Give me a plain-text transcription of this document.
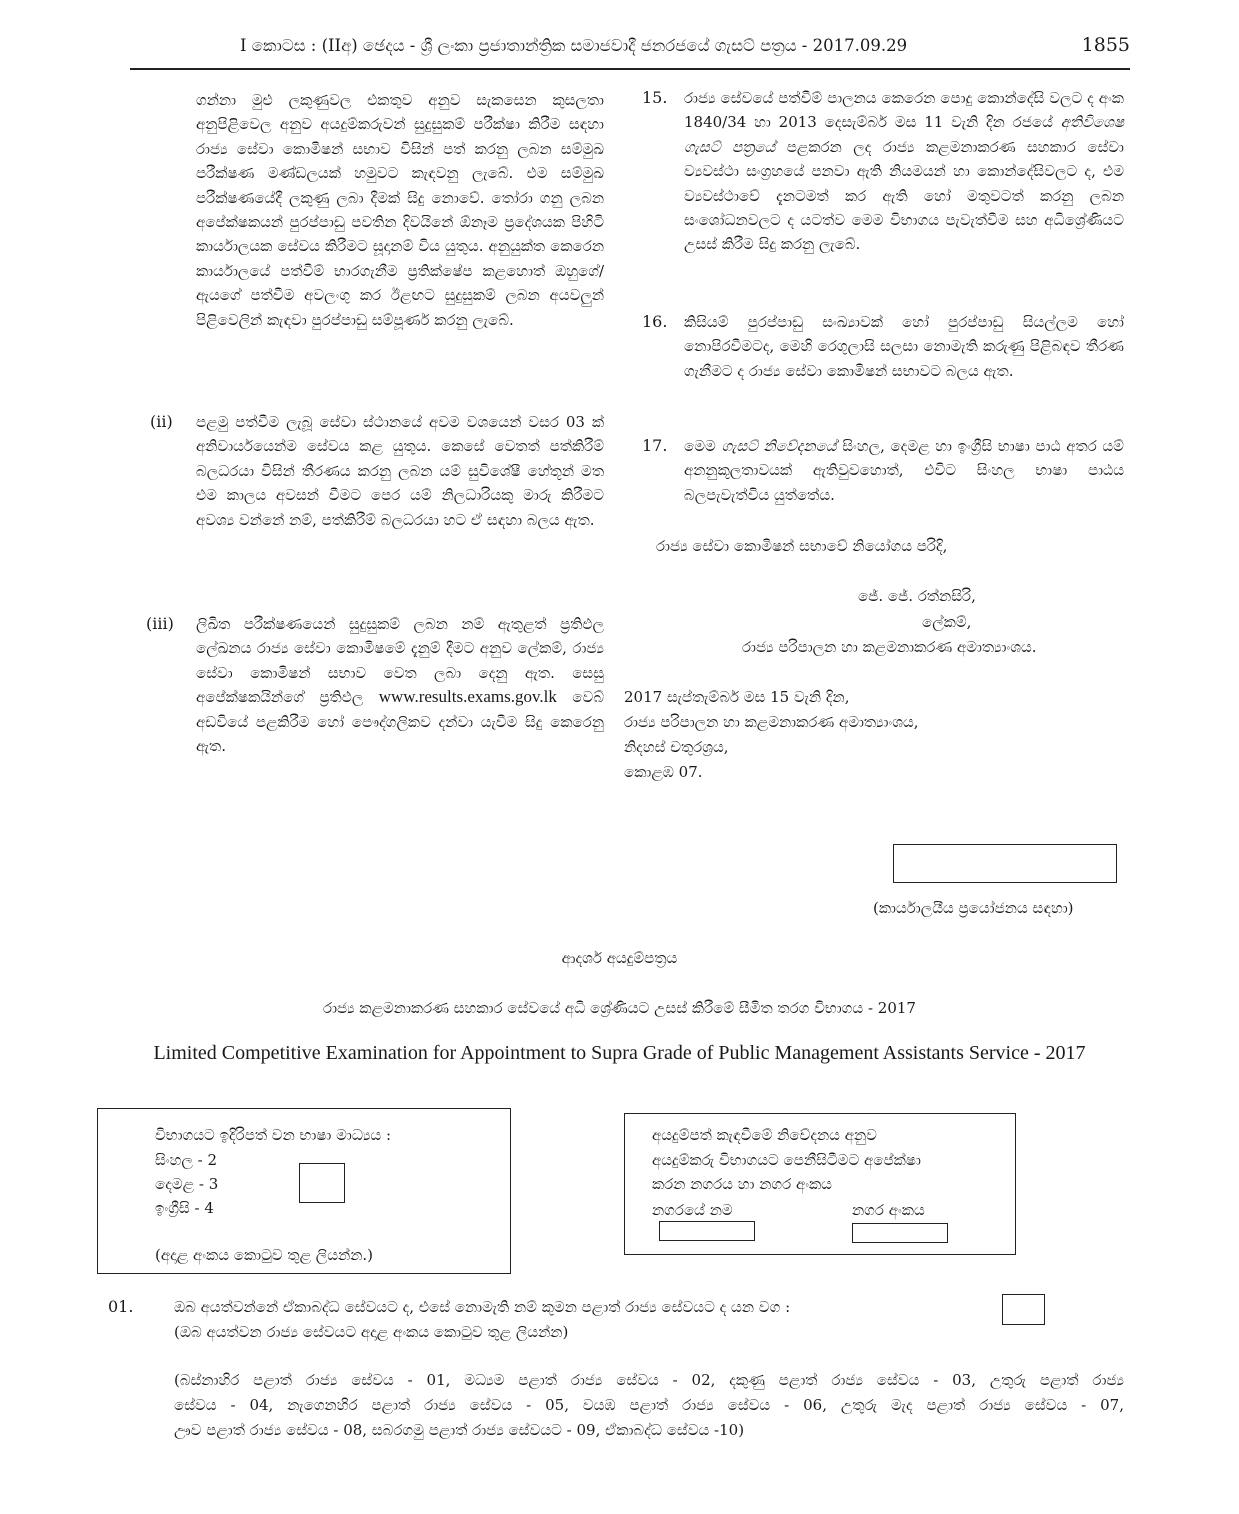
I කොටස : (IIඅ) ඡෙදය - ශ්‍රී ලංකා ප්‍රජාතාන්ත්‍රික සමාජවාදී ජනරජයේ ගැසට් පත්‍රය - 2017.09.29	1855
ගන්නා මුළු ලකුණුවල එකතුව අනුව සැකසෙන කුසලතා අනුපිළිවෙල අනුව අයදුම්කරුවන් සුදුසුකම් පරීක්ෂා කිරීම සඳහා රාජ්‍ය සේවා කොමිෂන් සභාව විසින් පත් කරනු ලබන සම්මුඛ පරීක්ෂණ මණ්ඩලයක් හමුවට කැඳවනු ලැබේ. එම සම්මුඛ පරීක්ෂණයේදී ලකුණු ලබා දීමක් සිදු නොවේ. තෝරා ගනු ලබන අපේක්ෂකයන් පුරප්පාඩු පවතින දිවයිනේ ඕනෑම ප්‍රදේශයක පිහිටි කාර්යාලයක සේවය කිරීමට සූදානම් විය යුතුය. අනුයුක්ත කෙරෙන කාර්යාලයේ පත්වීම් භාරගැනීම ප්‍රතික්ෂේප කළහොත් ඔහුගේ/ඇයගේ පත්වීම අවලංගු කර ඊළඟට සුදුසුකම් ලබන අයවලුන් පිළිවෙලින් කැඳවා පුරප්පාඩු සම්පූර්ණ කරනු ලැබේ.
(ii) පළමු පත්වීම ලැබූ සේවා ස්ථානයේ අවම වශයෙන් වසර 03 ක් අනිවාර්යයෙන්ම සේවය කළ යුතුය. කෙසේ වෙතත් පත්කිරීම් බලධරයා විසින් තීරණය කරනු ලබන යම් සුවිශේෂී හේතූන් මත එම කාලය අවසන් වීමට පෙර යම් නිලධාරියකු මාරු කිරීමට අවශ්‍ය වන්නේ නම්, පත්කිරීම් බලධරයා හට ඒ සඳහා බලය ඇත.
(iii) ලිඛිත පරීක්ෂණයෙන් සුදුසුකම් ලබන නම් ඇතුළත් ප්‍රතිඵල ලේඛනය රාජ්‍ය සේවා කොමිෂමේ දැනුම් දීමට අනුව ලේකම්, රාජ්‍ය සේවා කොමිෂන් සභාව වෙත ලබා දෙනු ඇත. සෙසු අපේක්ෂකයින්ගේ ප්‍රතිඵල www.results.exams.gov.lk වෙබ් අඩවියේ පළකිරීම හෝ පෞද්ගලිකව දන්වා යැවීම සිදු කෙරෙනු ඇත.
15. රාජ්‍ය සේවයේ පත්වීම් පාලනය කෙරෙන පොදු කොන්දේසි වලට ද අංක 1840/34 හා 2013 දෙසැම්බර් මස 11 වැනි දින රජයේ අතිවිශෙෂ ගැසට් පත්‍රයේ පළකරන ලද රාජ්‍ය කළමනාකරණ සහකාර සේවා ව්‍යවස්ථා සංග්‍රහයේ පනවා ඇති නියමයන් හා කොන්දේසිවලට ද, එම ව්‍යවස්ථාවේ දැනටමත් කර ඇති හෝ මතුවටත් කරනු ලබන සංශෝධනවලට ද යටත්ව මෙම විභාගය පැවැත්වීම සහ අධිශ්‍රේණියට උසස් කිරීම සිදු කරනු ලැබේ.
16. කිසියම් පුරප්පාඩු සංඛ්‍යාවක් හෝ පුරප්පාඩු සියල්ලම හෝ නොපිරවීමටද, මෙහි රෙගුලාසි සලසා නොමැති කරුණු පිළිබඳව තීරණ ගැනීමට ද රාජ්‍ය සේවා කොමිෂන් සභාවට බලය ඇත.
17. මෙම ගැසට් නිවේදනයේ සිංහල, දෙමළ හා ඉංග්‍රීසි භාෂා පාඨ අතර යම් අනනුකූලතාවයක් ඇතිවුවහොත්, එවිට සිංහල භාෂා පාඨය බලපැවැත්විය යුත්තේය.
රාජ්‍ය සේවා කොමිෂන් සභාවේ නියෝගය පරිදි,
ජේ. ජේ. රත්නසිරි,
ලේකම්,
රාජ්‍ය පරිපාලන හා කළමනාකරණ අමාත්‍යාංශය.
2017 සැප්තැම්බර් මස 15 වැනි දින,
රාජ්‍ය පරිපාලන හා කළමනාකරණ අමාත්‍යාංශය,
නිදහස් චතුරශ්‍රය,
කොළඹ 07.
(කාර්යාලයීය ප්‍රයෝජනය සඳහා)
ආදර්ශ අයදුම්පත්‍රය
රාජ්‍ය කළමනාකරණ සහකාර සේවයේ අධි ශ්‍රේණියට උසස් කිරීමේ සීමිත තරග විභාගය - 2017
Limited Competitive Examination for Appointment to Supra Grade of Public Management Assistants Service - 2017
විභාගයට ඉදිරිපත් වන භාෂා මාධ්‍යය :
සිංහල - 2
දෙමළ - 3
ඉංග්‍රීසි - 4
(අදාළ අංකය කොටුව තුළ ලියන්න.)
අයදුම්පත් කැඳවීමේ නිවේදනය අනුව
අයදුම්කරු විභාගයට පෙනීසිටීමට අපේක්ෂා
කරන නගරය හා නගර අංකය
නගරයේ නම	නගර අංකය
01.	ඔබ අයත්වන්නේ ඒකාබද්ධ සේවයට ද, එසේ නොමැති නම් කුමන පළාත් රාජ්‍ය සේවයට ද යන වග :
(ඔබ අයත්වන රාජ්‍ය සේවයට අදාළ අංකය කොටුව තුළ ලියන්න)
(බස්නාහිර පළාත් රාජ්‍ය සේවය - 01, මධ්‍යම පළාත් රාජ්‍ය සේවය - 02, දකුණු පළාත් රාජ්‍ය සේවය - 03, උතුරු පළාත් රාජ්‍ය
සේවය - 04, නැගෙනහිර පළාත් රාජ්‍ය සේවය - 05, වයඹ පළාත් රාජ්‍ය සේවය - 06, උතුරු මැද පළාත් රාජ්‍ය සේවය - 07,
ඌව පළාත් රාජ්‍ය සේවය - 08, සබරගමු පළාත් රාජ්‍ය සේවයට - 09, ඒකාබද්ධ සේවය -10)
